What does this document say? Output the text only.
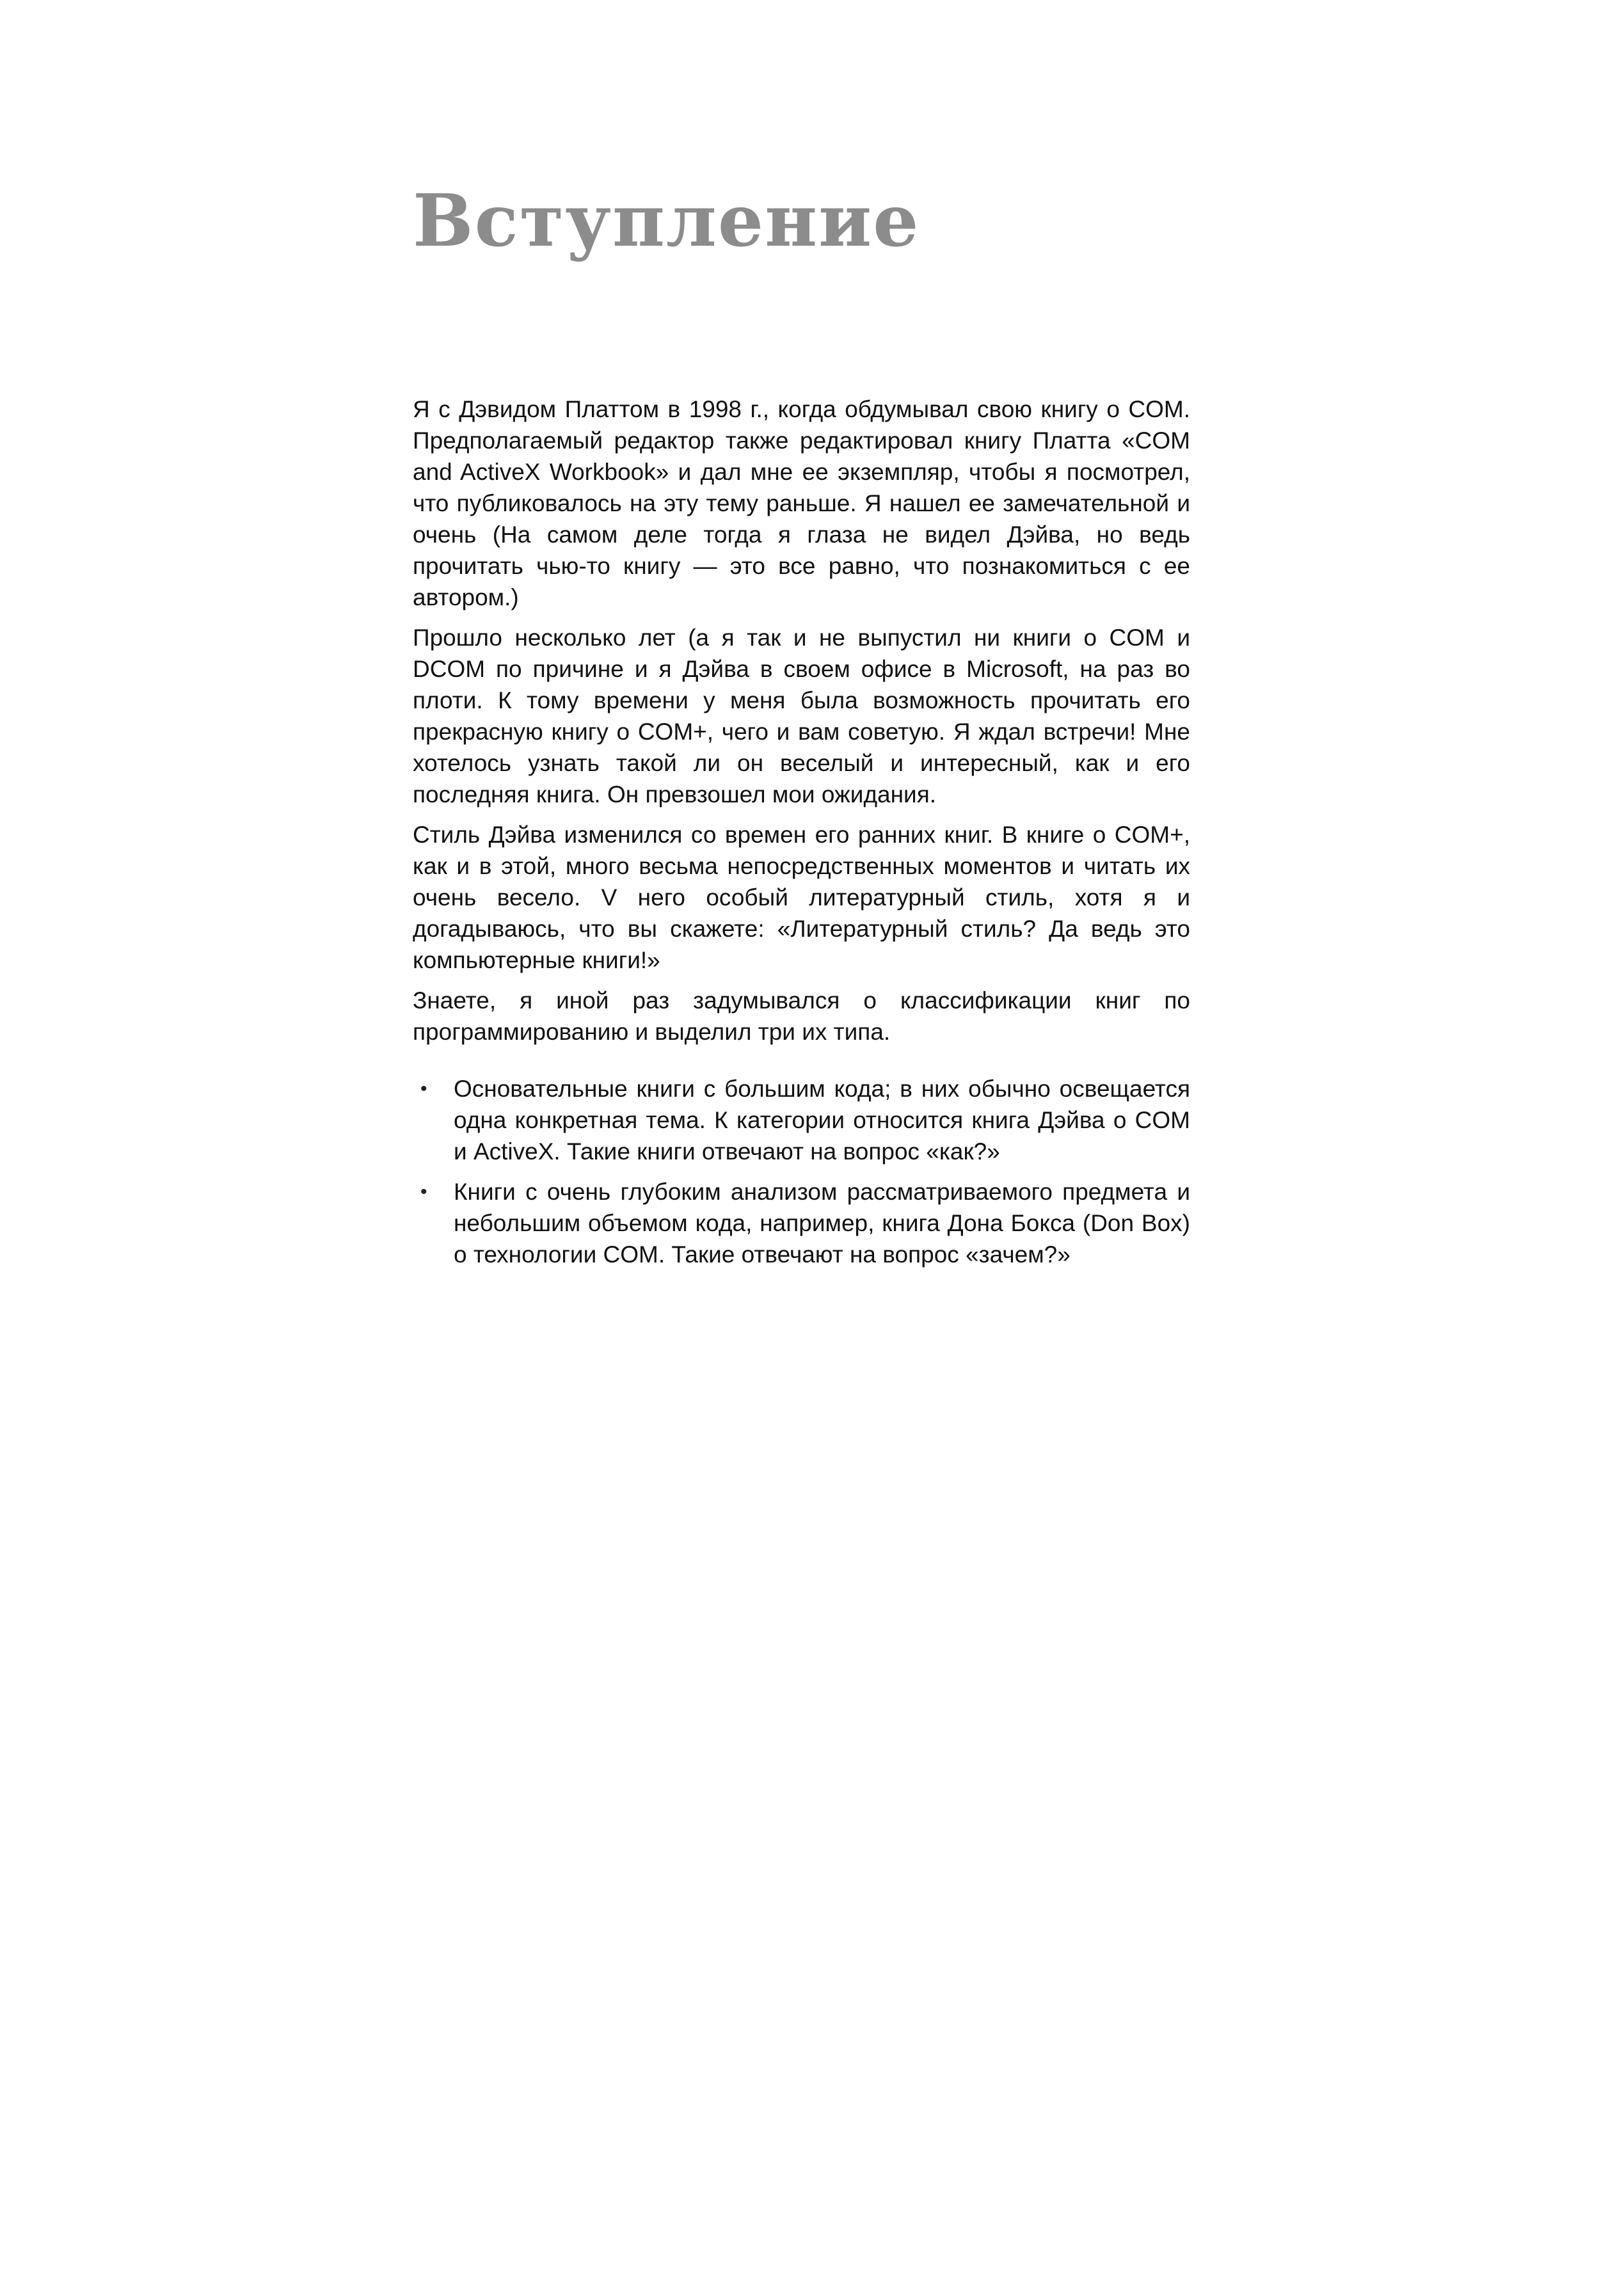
Вступление

Я с Дэвидом Платтом в 1998 г., когда обдумывал свою книгу о COM. Предполагаемый редактор также редактировал книгу Платта «COM and ActiveX Workbook» и дал мне ее экземпляр, чтобы я посмотрел, что публиковалось на эту тему раньше. Я нашел ее замечательной и очень (На самом деле тогда я глаза не видел Дэйва, но ведь прочитать чью-то книгу — это все равно, что познакомиться с ее автором.)

Прошло несколько лет (а я так и не выпустил ни книги о COM и DCOM по причине и я Дэйва в своем офисе в Microsoft, на раз во плоти. К тому времени у меня была возможность прочитать его прекрасную книгу о COM+, чего и вам советую. Я ждал встречи! Мне хотелось узнать такой ли он веселый и интересный, как и его последняя книга. Он превзошел мои ожидания.

Стиль Дэйва изменился со времен его ранних книг. В книге о COM+, как и в этой, много весьма непосредственных моментов и читать их очень весело. V него особый литературный стиль, хотя я и догадываюсь, что вы скажете: «Литературный стиль? Да ведь это компьютерные книги!»

Знаете, я иной раз задумывался о классификации книг по программированию и выделил три их типа.

• Основательные книги с большим кода; в них обычно освещается одна конкретная тема. К категории относится книга Дэйва о COM и ActiveX. Такие книги отвечают на вопрос «как?»
• Книги с очень глубоким анализом рассматриваемого предмета и небольшим объемом кода, например, книга Дона Бокса (Don Box) о технологии COM. Такие отвечают на вопрос «зачем?»
